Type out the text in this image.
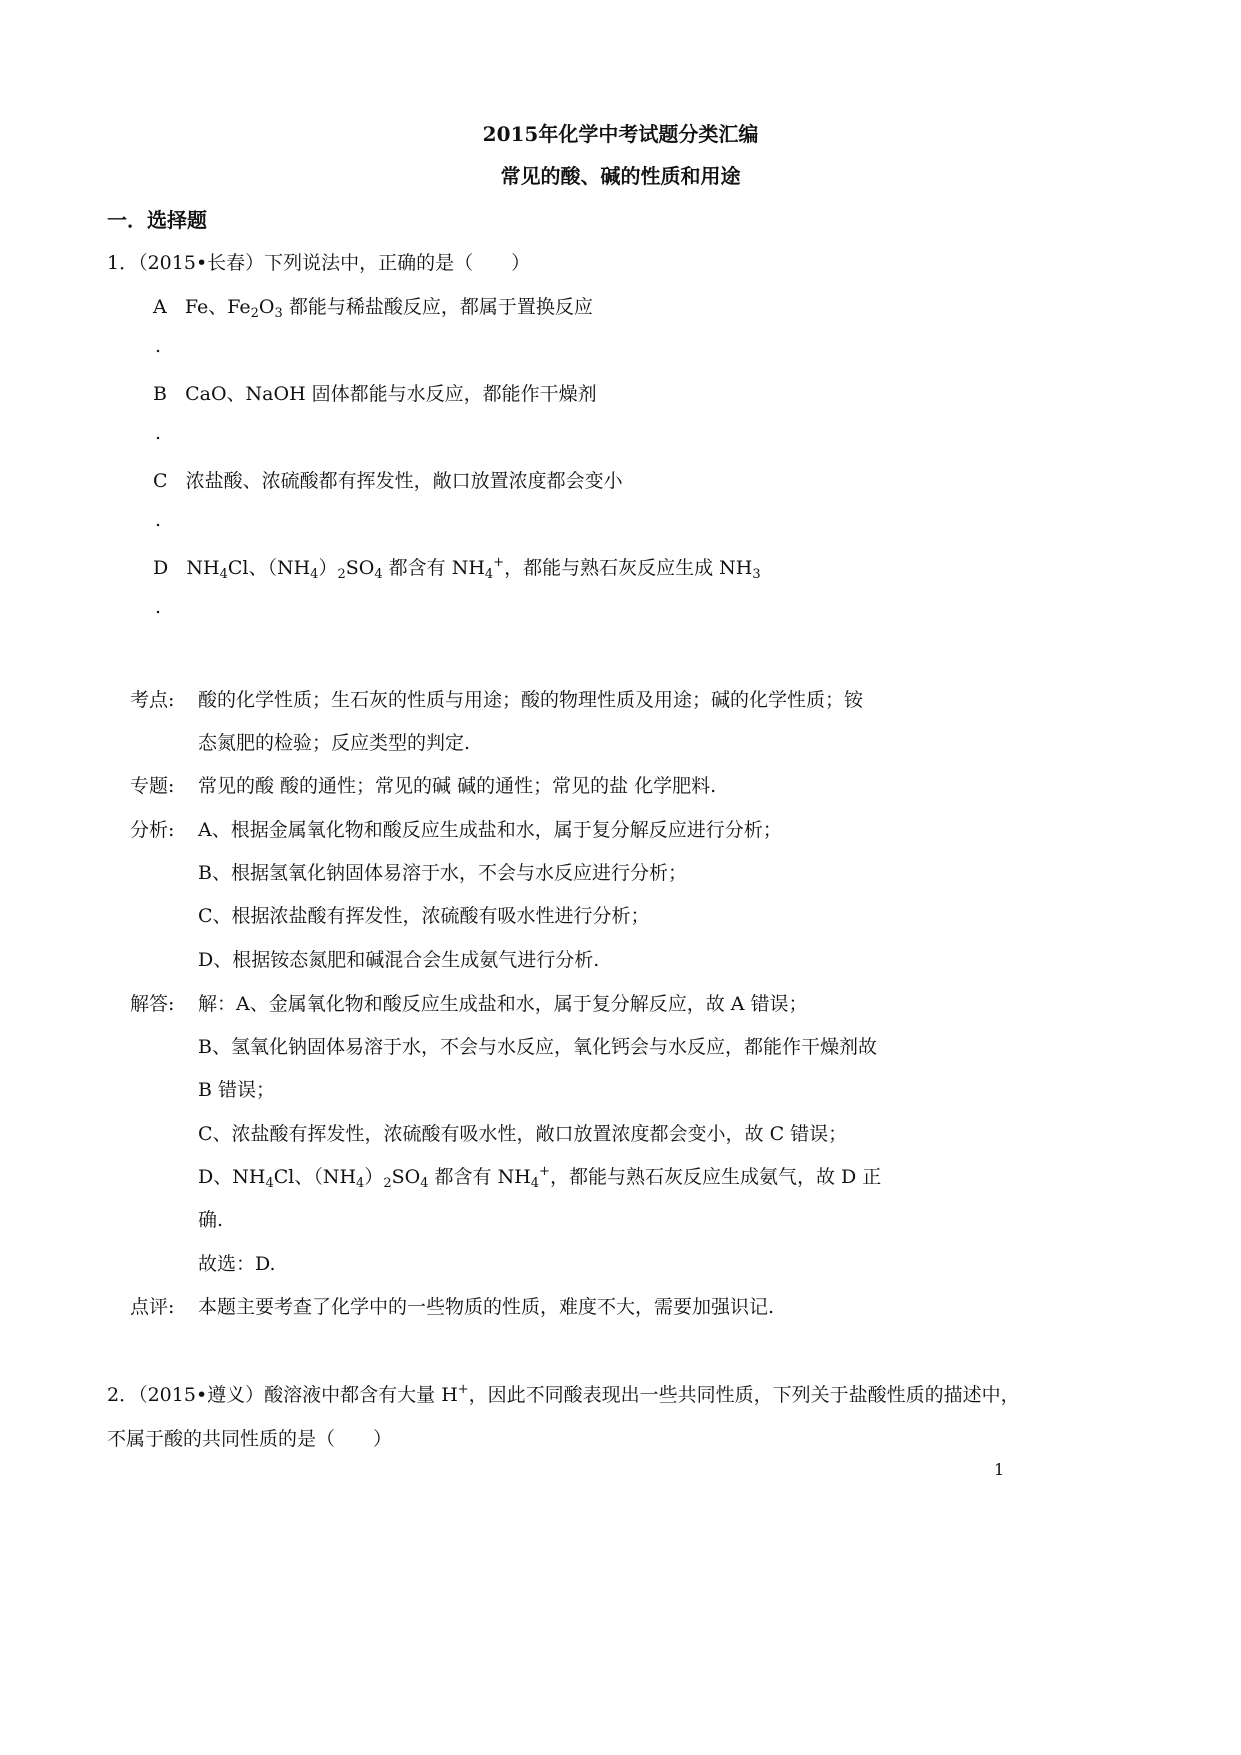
2015年化学中考试题分类汇编
常见的酸、碱的性质和用途
一．选择题
1．（2015•长春）下列说法中，正确的是（　　）
A Fe、$Fe_2O_3$ 都能与稀盐酸反应，都属于置换反应
.
B CaO、NaOH 固体都能与水反应，都能作干燥剂
.
C 浓盐酸、浓硫酸都有挥发性，敞口放置浓度都会变小
.
D $NH_4Cl$、$(NH_4)_2SO_4$ 都含有 $NH_4^+$，都能与熟石灰反应生成 $NH_3$
.
考点: 酸的化学性质；生石灰的性质与用途；酸的物理性质及用途；碱的化学性质；铵
态氮肥的检验；反应类型的判定.
专题: 常见的酸 酸的通性；常见的碱 碱的通性；常见的盐 化学肥料.
分析: A、根据金属氧化物和酸反应生成盐和水，属于复分解反应进行分析；
B、根据氢氧化钠固体易溶于水，不会与水反应进行分析；
C、根据浓盐酸有挥发性，浓硫酸有吸水性进行分析；
D、根据铵态氮肥和碱混合会生成氨气进行分析.
解答: 解：A、金属氧化物和酸反应生成盐和水，属于复分解反应，故 A 错误；
B、氢氧化钠固体易溶于水，不会与水反应，氧化钙会与水反应，都能作干燥剂故
B 错误；
C、浓盐酸有挥发性，浓硫酸有吸水性，敞口放置浓度都会变小，故 C 错误；
D、$NH_4Cl$、$(NH_4)_2SO_4$ 都含有 $NH_4^+$，都能与熟石灰反应生成氨气，故 D 正
确.
故选：D.
点评: 本题主要考查了化学中的一些物质的性质，难度不大，需要加强识记.
2．（2015•遵义）酸溶液中都含有大量 H+，因此不同酸表现出一些共同性质，下列关于盐酸性质的描述中，
不属于酸的共同性质的是（　　）
1
